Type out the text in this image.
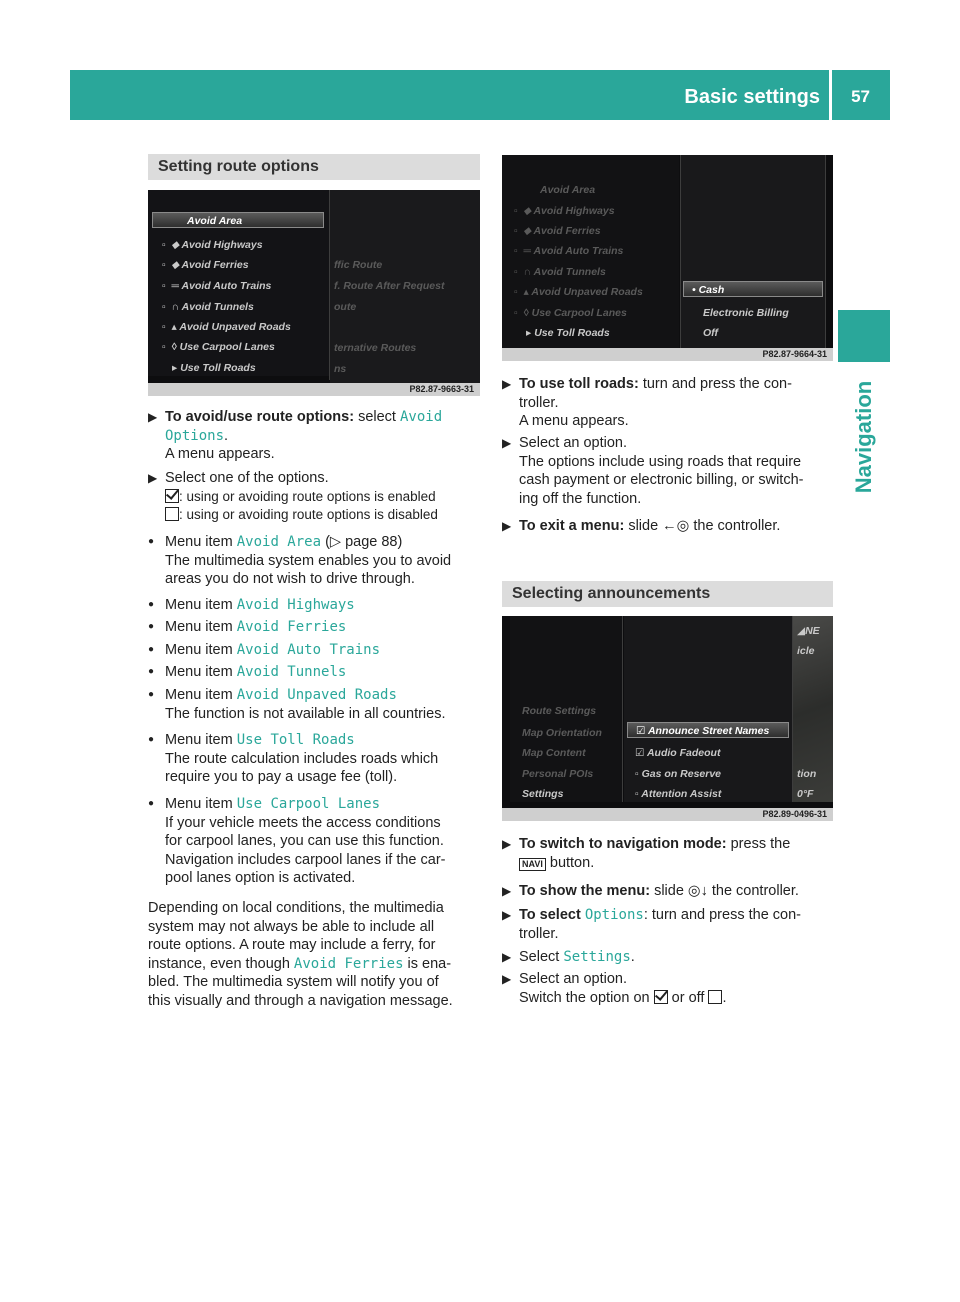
Basic settings 57
Navigation
Setting route options
Avoid Area
▫  ⬥ Avoid Highways
▫  ⬥ Avoid Ferries
▫  ═ Avoid Auto Trains
▫  ∩ Avoid Tunnels
▫  ▴ Avoid Unpaved Roads
▫  ◊ Use Carpool Lanes
▸ Use Toll Roads
ffic Route
f. Route After Request
oute
ternative Routes
ns
P82.87-9663-31
▶ To avoid/use route options: select Avoid
Options.
A menu appears.
▶ Select one of the options.
: using or avoiding route options is enabled
: using or avoiding route options is disabled
● Menu item Avoid Area (▷ page 88)
The multimedia system enables you to avoid
areas you do not wish to drive through.
● Menu item Avoid Highways
● Menu item Avoid Ferries
● Menu item Avoid Auto Trains
● Menu item Avoid Tunnels
● Menu item Avoid Unpaved Roads
The function is not available in all countries.
● Menu item Use Toll Roads
The route calculation includes roads which
require you to pay a usage fee (toll).
● Menu item Use Carpool Lanes
If your vehicle meets the access conditions
for carpool lanes, you can use this function.
Navigation includes carpool lanes if the car-
pool lanes option is activated.
Depending on local conditions, the multimedia
system may not always be able to include all
route options. A route may include a ferry, for
instance, even though Avoid Ferries is ena-
bled. The multimedia system will notify you of
this visually and through a navigation message.
Avoid Area
▫  ⬥ Avoid Highways
▫  ⬥ Avoid Ferries
▫  ═ Avoid Auto Trains
▫  ∩ Avoid Tunnels
▫  ▴ Avoid Unpaved Roads
▫  ◊ Use Carpool Lanes
▸ Use Toll Roads
• Cash
Electronic Billing
Off
P82.87-9664-31
▶ To use toll roads: turn and press the con-
troller.
A menu appears.
▶ Select an option.
The options include using roads that require
cash payment or electronic billing, or switch-
ing off the function.
▶ To exit a menu: slide ←◎ the controller.
Selecting announcements
Route Settings
Map Orientation
Map Content
Personal POIs
Settings
☑ Announce Street Names
☑ Audio Fadeout
▫ Gas on Reserve
▫ Attention Assist
◢NE
icle
tion
0°F
P82.89-0496-31
▶ To switch to navigation mode: press the
NAVI button.
▶ To show the menu: slide ◎↓ the controller.
▶ To select Options: turn and press the con-
troller.
▶ Select Settings.
▶ Select an option.
Switch the option on or off .
